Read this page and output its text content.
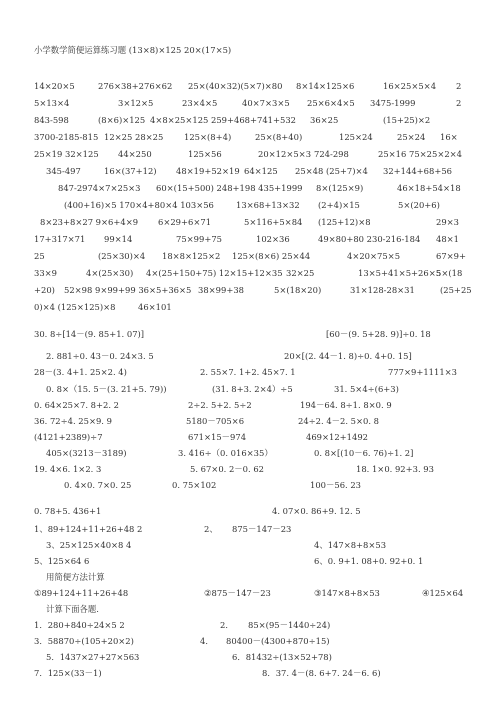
小学数学简便运算练习题 (13×8)×125 20×(17×5)

14×20×5	276×38+276×62 25×(40×32)(5×7)×80 8×14×125×6	16×25×5×4 2
5×13×4	3×12×5	23×4×5	40×7×3×5 25×6×4×5 3475-1999	2
843-598	(8×6)×125 4×8×25×125 259+468+741+532 36×25	(15+25)×2
3700-2185-815 12×25 28×25 125×(8+4)	25×(8+40)	125×24	25×24 16×
25×19 32×125 44×250	125×56	20×12×5×3 724-298	25×16 75×25×2×4
345-497	16×(37+12) 48×19+52×19 64×125 25×48 (25+7)×4 32+144+68+56
847-2974×7×25×3 60×(15+500) 248+198 435+1999 8×(125×9)	46×18+54×18
(400+16)×5 170×4+80×4 103×56	13×68+13×32 (2+4)×15	5×(20+6)
8×23+8×27 9×6+4×9 6×29+6×71	5×116+5×84 (125+12)×8	29×3
17+317×71 99×14	75×99+75	102×36	49×80+80 230-216-184 48×1
25	(25×30)×4 18×8×125×2 125×(8×6) 25×44	4×20×75×5	67×9+
33×9	4×(25×30) 4×(25+150+75) 12×15+12×35 32×25	13×5+41×5+26×5
5×(18
+20) 52×98 9×99+99 36×5+36×5 38×99+38	5×(18×20)	31×128-28×31	(25+25
0)×4 (125×125)×8	46×101
30. 8÷[14－(9. 85+1. 07)]	[60－(9. 5+28. 9)]÷0. 18
2. 881÷0. 43－0. 24×3. 5	20×[(2. 44－1. 8)÷0. 4+0. 15]
28－(3. 4+1. 25×2. 4)	2. 55×7. 1+2. 45×7. 1	777×9+1111×3
0. 8×（15. 5－(3. 21+5. 79))	(31. 8+3. 2×4）÷5	31. 5×4÷(6+3)
0. 64×25×7. 8+2. 2	2÷2. 5+2. 5÷2	194－64. 8÷1. 8×0. 9
36. 72÷4. 25×9. 9	5180－705×6	24÷2. 4－2. 5×0. 8
(4121+2389)÷7	671×15－974	469×12+1492
405×(3213－3189)	3. 416÷（0. 016×35）	0. 8×[(10－6. 76)÷1. 2]
19. 4×6. 1×2. 3	5. 67×0. 2－0. 62	18. 1×0. 92+3. 93
0. 4×0. 7×0. 25	0. 75×102	100－56. 23
0. 78+5. 436+1	4. 07×0. 86+9. 12. 5
1、89+124+11+26+48 2	2、 875－147－23
3、25×125×40×8 4	4、147×8+8×53
5、125×64 6	6、0. 9+1. 08+0. 92+0. 1
用简便方法计算
①89+124+11+26+48	②875－147－23	③147×8+8×53	④125×64
计算下面各题.
1．280+840÷24×5 2	2． 85×(95－1440÷24)
3．58870÷(105+20×2)	4． 80400－(4300+870÷15)
5．1437×27+27×563	6．81432÷(13×52+78)
7．125×(33－1)	8．37. 4－(8. 6+7. 24－6. 6)
